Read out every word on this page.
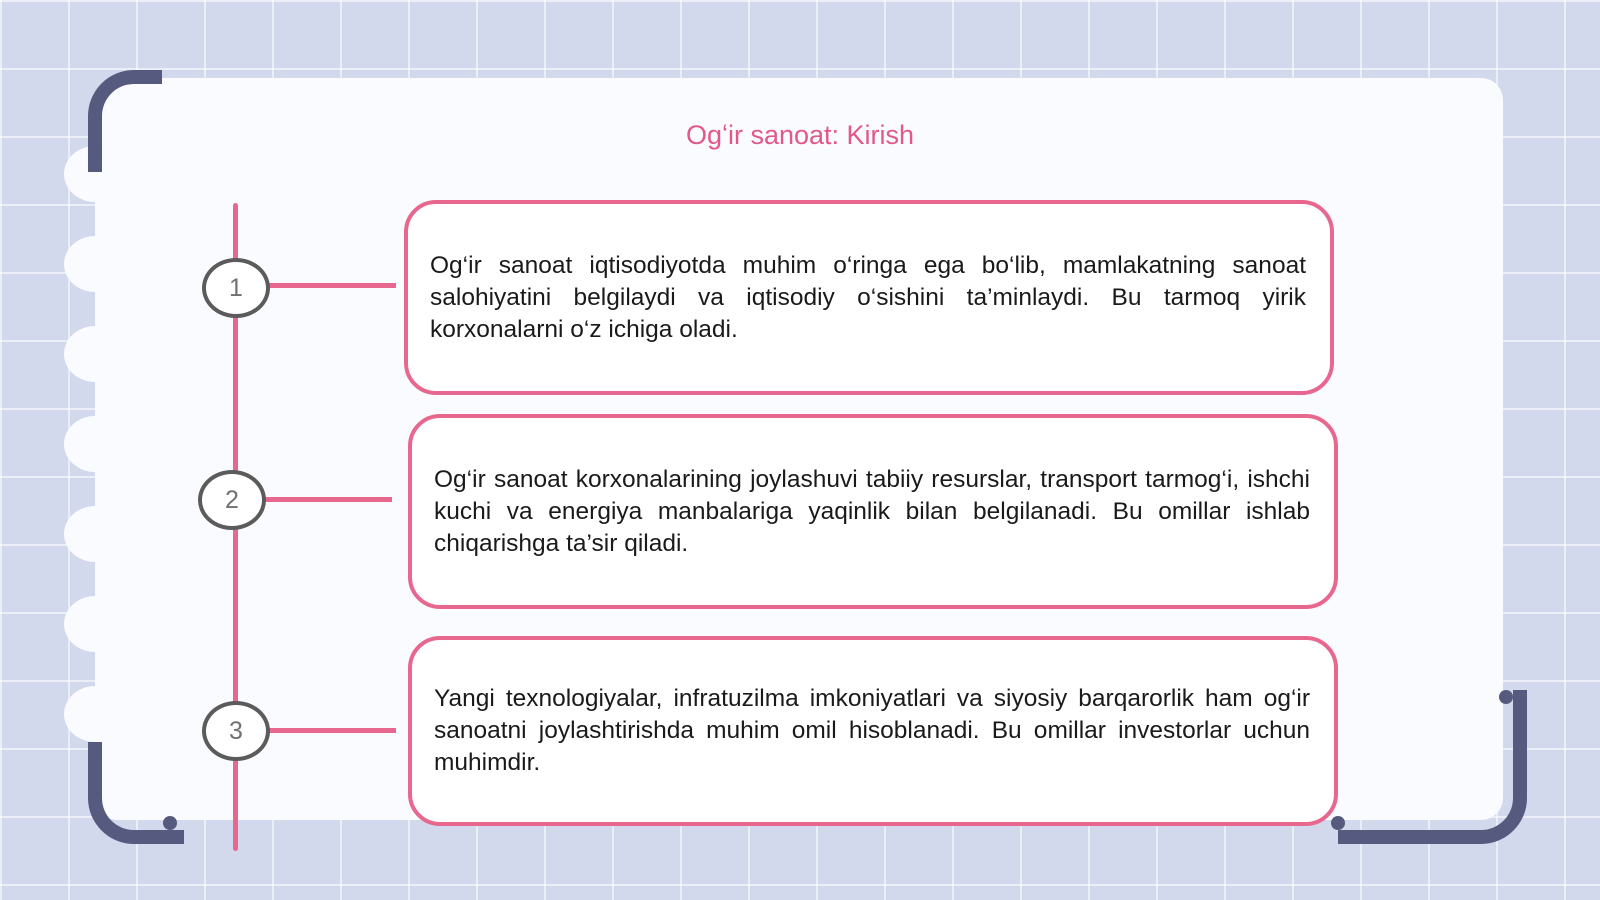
Ogʻir sanoat: Kirish
1
2
3

Og‘ir sanoat iqtisodiyotda muhim o‘ringa ega bo‘lib, mamlakatning sanoat salohiyatini belgilaydi va iqtisodiy o‘sishini ta’minlaydi. Bu tarmoq yirik korxonalarni o‘z ichiga oladi.

Og‘ir sanoat korxonalarining joylashuvi tabiiy resurslar, transport tarmog‘i, ishchi kuchi va energiya manbalariga yaqinlik bilan belgilanadi. Bu omillar ishlab chiqarishga ta’sir qiladi.

Yangi texnologiyalar, infratuzilma imkoniyatlari va siyosiy barqarorlik ham og‘ir sanoatni joylashtirishda muhim omil hisoblanadi. Bu omillar investorlar uchun muhimdir.
